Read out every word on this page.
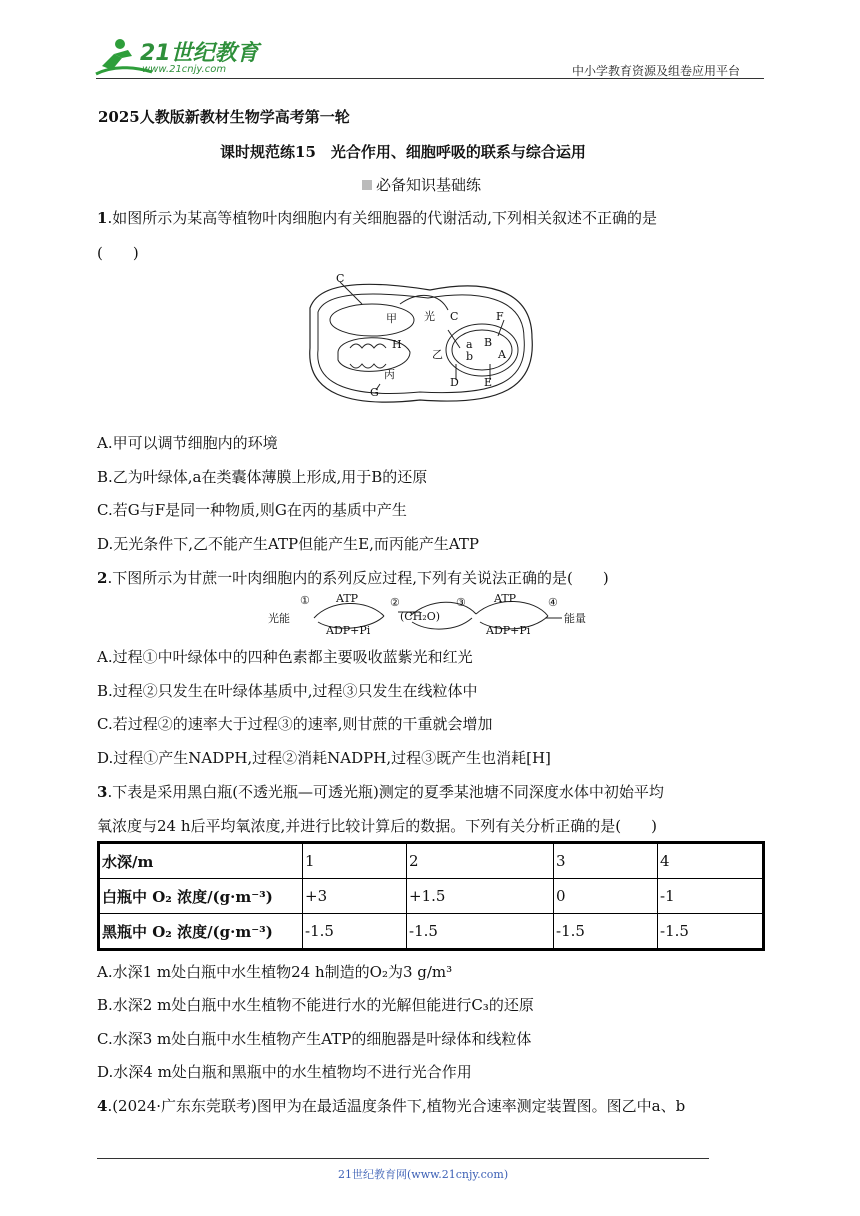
21世纪教育
www.21cnjy.com	中小学教育资源及组卷应用平台
2025人教版新教材生物学高考第一轮
课时规范练15　光合作用、细胞呼吸的联系与综合运用
必备知识基础练
1.如图所示为某高等植物叶肉细胞内有关细胞器的代谢活动,下列相关叙述不正确的是
(　　)
C
甲 光 C	F
H
乙
a
b
B
A
丙
D E
G
A.甲可以调节细胞内的环境
B.乙为叶绿体,a在类囊体薄膜上形成,用于B的还原
C.若G与F是同一种物质,则G在丙的基质中产生
D.无光条件下,乙不能产生ATP但能产生E,而丙能产生ATP
2.下图所示为甘蔗一叶肉细胞内的系列反应过程,下列有关说法正确的是(　　)
光能
① ATP
ADP+Pi
②
(CH₂O)
③	ATP
ADP+Pi
④
能量
A.过程①中叶绿体中的四种色素都主要吸收蓝紫光和红光
B.过程②只发生在叶绿体基质中,过程③只发生在线粒体中
C.若过程②的速率大于过程③的速率,则甘蔗的干重就会增加
D.过程①产生NADPH,过程②消耗NADPH,过程③既产生也消耗[H]
3.下表是采用黑白瓶(不透光瓶—可透光瓶)测定的夏季某池塘不同深度水体中初始平均
氧浓度与24 h后平均氧浓度,并进行比较计算后的数据。下列有关分析正确的是(　　)
水深/m	1	2	3	4
白瓶中 O₂ 浓度/(g·m⁻³)	+3	+1.5	0	-1
黑瓶中 O₂ 浓度/(g·m⁻³)	-1.5	-1.5	-1.5	-1.5
A.水深1 m处白瓶中水生植物24 h制造的O₂为3 g/m³
B.水深2 m处白瓶中水生植物不能进行水的光解但能进行C₃的还原
C.水深3 m处白瓶中水生植物产生ATP的细胞器是叶绿体和线粒体
D.水深4 m处白瓶和黑瓶中的水生植物均不进行光合作用
4.(2024·广东东莞联考)图甲为在最适温度条件下,植物光合速率测定装置图。图乙中a、b
21世纪教育网(www.21cnjy.com)
